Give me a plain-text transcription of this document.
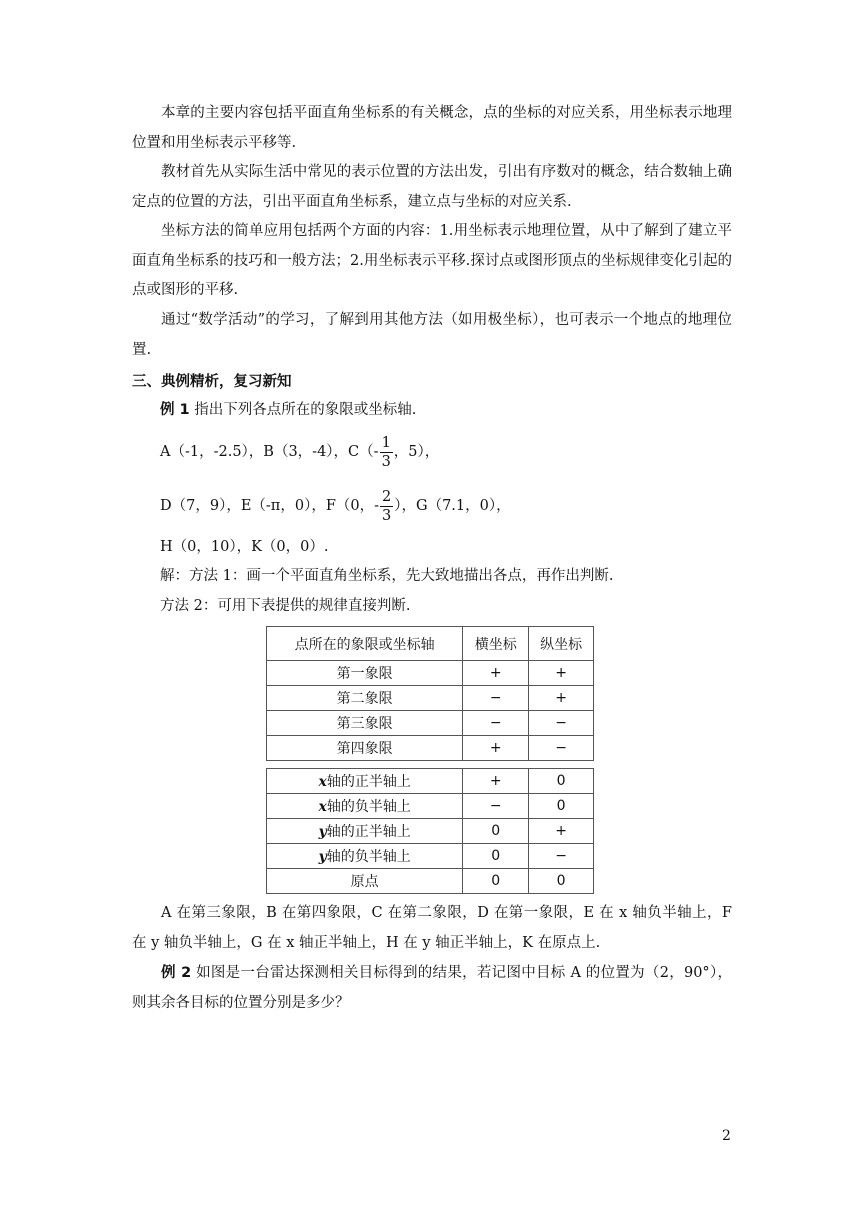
本章的主要内容包括平面直角坐标系的有关概念，点的坐标的对应关系，用坐标表示地理位置和用坐标表示平移等.

教材首先从实际生活中常见的表示位置的方法出发，引出有序数对的概念，结合数轴上确定点的位置的方法，引出平面直角坐标系，建立点与坐标的对应关系.

坐标方法的简单应用包括两个方面的内容：1.用坐标表示地理位置，从中了解到了建立平面直角坐标系的技巧和一般方法；2.用坐标表示平移.探讨点或图形顶点的坐标规律变化引起的点或图形的平移.

通过“数学活动”的学习，了解到用其他方法（如用极坐标），也可表示一个地点的地理位置.

三、典例精析，复习新知
例 1 指出下列各点所在的象限或坐标轴.
A（-1，-2.5），B（3，-4），$C(- \frac{1}{3}$ ，5），
D（7，9），E（-π，0），F（0，- $\frac{2}{3}$ ），G（7.1，0），
H（0，10），K（0，0）.
解：方法 1：画一个平面直角坐标系，先大致地描出各点，再作出判断.
方法 2：可用下表提供的规律直接判断.
点所在的象限或坐标轴	横坐标	纵坐标
第一象限	+	+
第二象限	−	+
第三象限	−	−
第四象限	+	−
x轴的正半轴上	+	0
x轴的负半轴上	−	0
y轴的正半轴上	0	+
y轴的负半轴上	0	−
原点	0	0

A 在第三象限，B 在第四象限，C 在第二象限，D 在第一象限，E 在 x 轴负半轴上，F 在 y 轴负半轴上，G 在 x 轴正半轴上，H 在 y 轴正半轴上，K 在原点上.

例 2 如图是一台雷达探测相关目标得到的结果，若记图中目标 A 的位置为（2，90°），则其余各目标的位置分别是多少？

2
